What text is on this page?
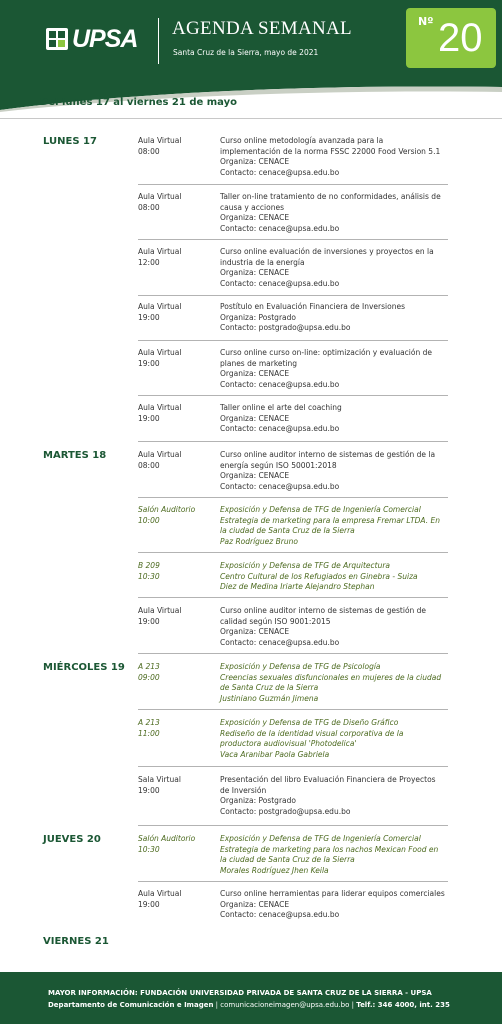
UPSA AGENDA SEMANAL
Santa Cruz de la Sierra, mayo de 2021
Nº 20
Del lunes 17 al viernes 21 de mayo
LUNES 17
MARTES 18
MIÉRCOLES 19
JUEVES 20
VIERNES 21
Aula Virtual
08:00
Curso online metodología avanzada para la
implementación de la norma FSSC 22000 Food Version 5.1
Organiza: CENACE
Contacto: cenace@upsa.edu.bo
Aula Virtual
08:00
Taller on-line tratamiento de no conformidades, análisis de
causa y acciones
Organiza: CENACE
Contacto: cenace@upsa.edu.bo
Aula Virtual
12:00
Curso online evaluación de inversiones y proyectos en la
industria de la energía
Organiza: CENACE
Contacto: cenace@upsa.edu.bo
Aula Virtual
19:00
Postítulo en Evaluación Financiera de Inversiones
Organiza: Postgrado
Contacto: postgrado@upsa.edu.bo
Aula Virtual
19:00
Curso online curso on-line: optimización y evaluación de
planes de marketing
Organiza: CENACE
Contacto: cenace@upsa.edu.bo
Aula Virtual
19:00
Taller online el arte del coaching
Organiza: CENACE
Contacto: cenace@upsa.edu.bo
Aula Virtual
08:00
Curso online auditor interno de sistemas de gestión de la
energía según ISO 50001:2018
Organiza: CENACE
Contacto: cenace@upsa.edu.bo
Salón Auditorio
10:00
Exposición y Defensa de TFG de Ingeniería Comercial
Estrategia de marketing para la empresa Fremar LTDA. En
la ciudad de Santa Cruz de la Sierra
Paz Rodríguez Bruno
B 209
10:30
Exposición y Defensa de TFG de Arquitectura
Centro Cultural de los Refugiados en Ginebra - Suiza
Diez de Medina Iriarte Alejandro Stephan
Aula Virtual
19:00
Curso online auditor interno de sistemas de gestión de
calidad según ISO 9001:2015
Organiza: CENACE
Contacto: cenace@upsa.edu.bo
A 213
09:00
Exposición y Defensa de TFG de Psicología
Creencias sexuales disfuncionales en mujeres de la ciudad
de Santa Cruz de la Sierra
Justiniano Guzmán Jimena
A 213
11:00
Exposición y Defensa de TFG de Diseño Gráfico
Rediseño de la identidad visual corporativa de la
productora audiovisual 'Photodelica'
Vaca Aranibar Paola Gabriela
Sala Virtual
19:00
Presentación del libro Evaluación Financiera de Proyectos
de Inversión
Organiza: Postgrado
Contacto: postgrado@upsa.edu.bo
Salón Auditorio
10:30
Exposición y Defensa de TFG de Ingeniería Comercial
Estrategia de marketing para los nachos Mexican Food en
la ciudad de Santa Cruz de la Sierra
Morales Rodríguez Jhen Keila
Aula Virtual
19:00
Curso online herramientas para liderar equipos comerciales
Organiza: CENACE
Contacto: cenace@upsa.edu.bo
MAYOR INFORMACIÓN: FUNDACIÓN UNIVERSIDAD PRIVADA DE SANTA CRUZ DE LA SIERRA - UPSA
Departamento de Comunicación e Imagen | comunicacioneimagen@upsa.edu.bo | Telf.: 346 4000, int. 235
